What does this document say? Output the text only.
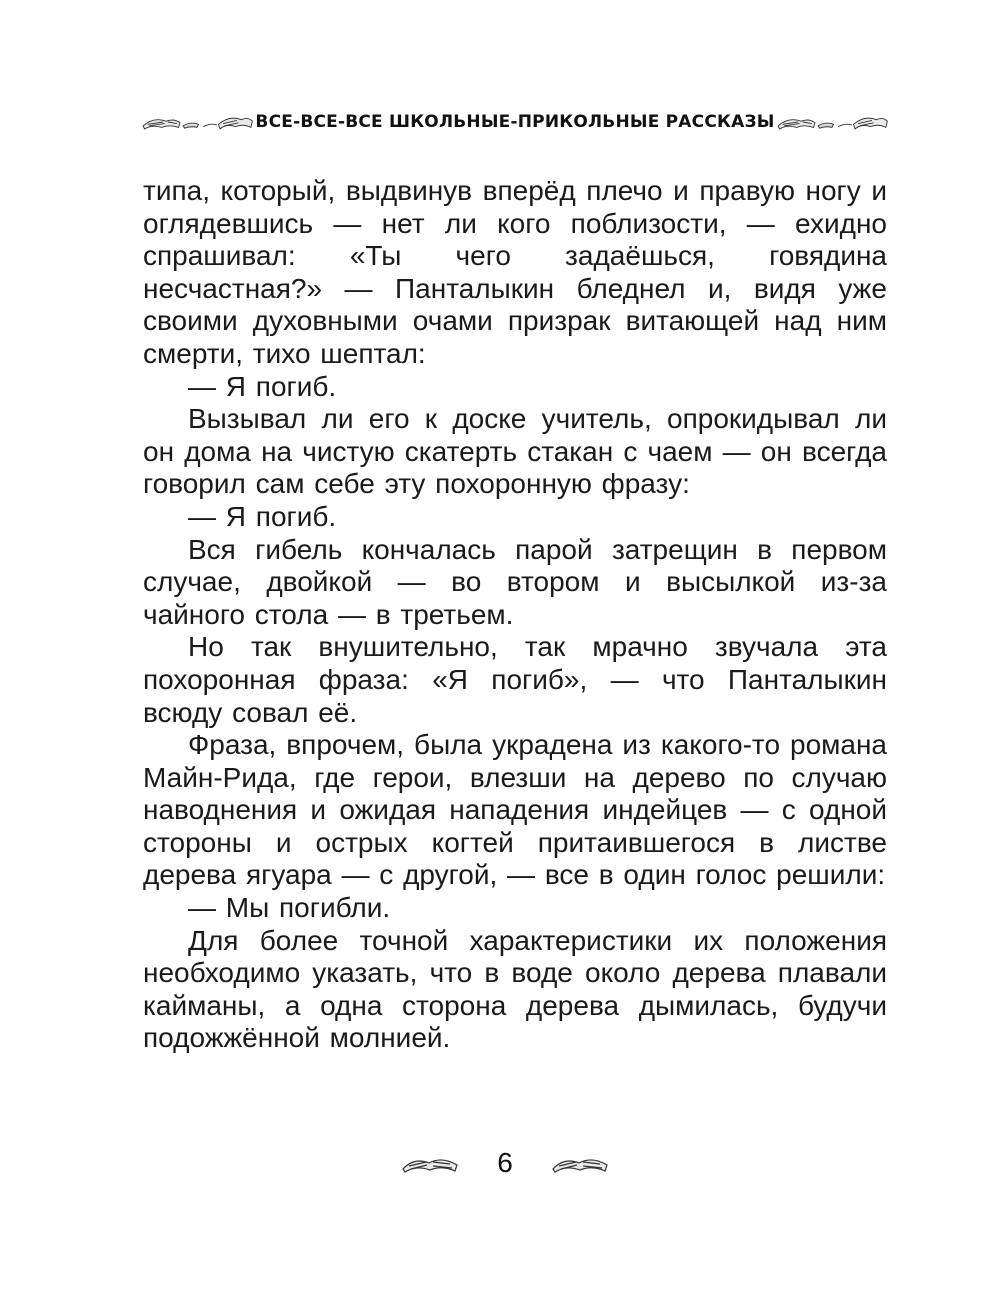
ВСЕ-ВСЕ-ВСЕ ШКОЛЬНЫЕ-ПРИКОЛЬНЫЕ РАССКАЗЫ

типа, который, выдвинув вперёд плечо и правую ногу и оглядевшись — нет ли кого поблизости, — ехидно спрашивал: «Ты чего задаёшься, говядина несчастная?» — Панталыкин бледнел и, видя уже своими духовными очами призрак витающей над ним смерти, тихо шептал:

— Я погиб.

Вызывал ли его к доске учитель, опрокидывал ли он дома на чистую скатерть стакан с чаем — он всегда говорил сам себе эту похоронную фразу:

— Я погиб.

Вся гибель кончалась парой затрещин в первом случае, двойкой — во втором и высылкой из-за чайного стола — в третьем.

Но так внушительно, так мрачно звучала эта похоронная фраза: «Я погиб», — что Панталыкин всюду совал её.

Фраза, впрочем, была украдена из какого-то романа Майн-Рида, где герои, влезши на дерево по случаю наводнения и ожидая нападения индейцев — с одной стороны и острых когтей притаившегося в листве дерева ягуара — с другой, — все в один голос решили:

— Мы погибли.

Для более точной характеристики их положения необходимо указать, что в воде около дерева плавали кайманы, а одна сторона дерева дымилась, будучи подожжённой молнией.

6
